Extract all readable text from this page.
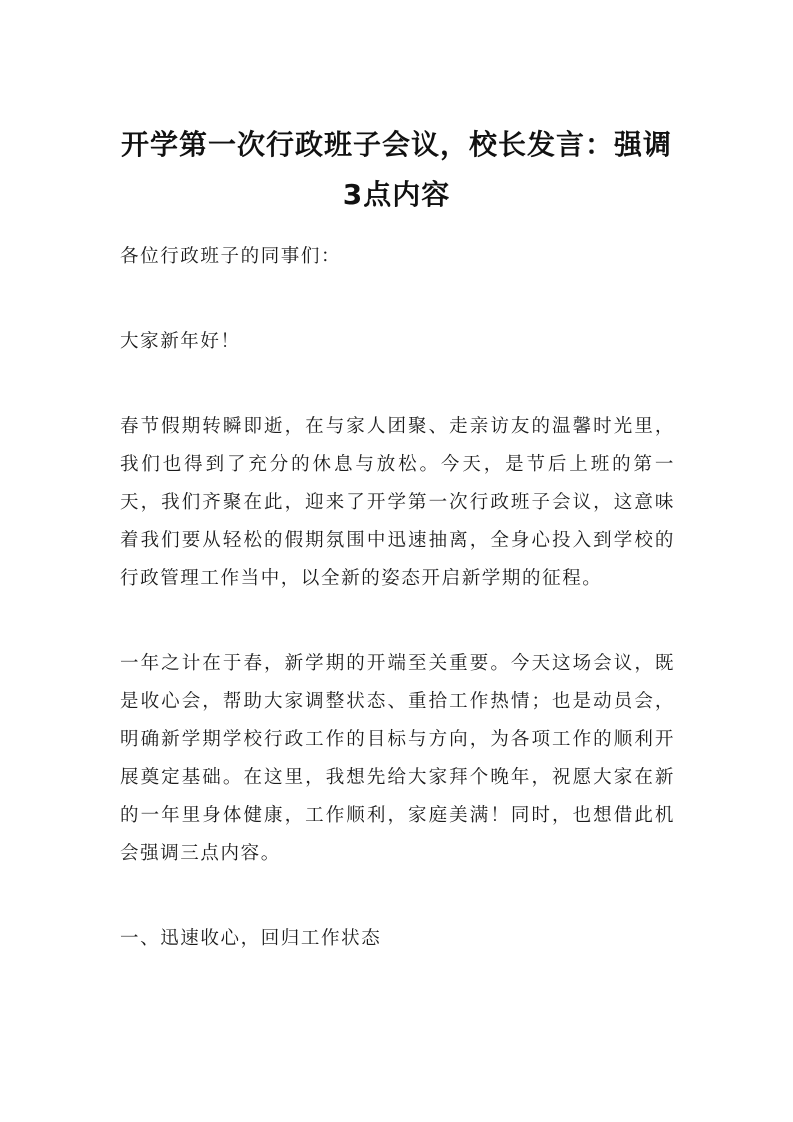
开学第一次行政班子会议，校长发言：强调
3点内容

各位行政班子的同事们：

大家新年好！

春节假期转瞬即逝，在与家人团聚、走亲访友的温馨时光里，我们也得到了充分的休息与放松。今天，是节后上班的第一天，我们齐聚在此，迎来了开学第一次行政班子会议，这意味着我们要从轻松的假期氛围中迅速抽离，全身心投入到学校的行政管理工作当中，以全新的姿态开启新学期的征程。

一年之计在于春，新学期的开端至关重要。今天这场会议，既是收心会，帮助大家调整状态、重拾工作热情；也是动员会，明确新学期学校行政工作的目标与方向，为各项工作的顺利开展奠定基础。在这里，我想先给大家拜个晚年，祝愿大家在新的一年里身体健康，工作顺利，家庭美满！同时，也想借此机会强调三点内容。

一、迅速收心，回归工作状态
